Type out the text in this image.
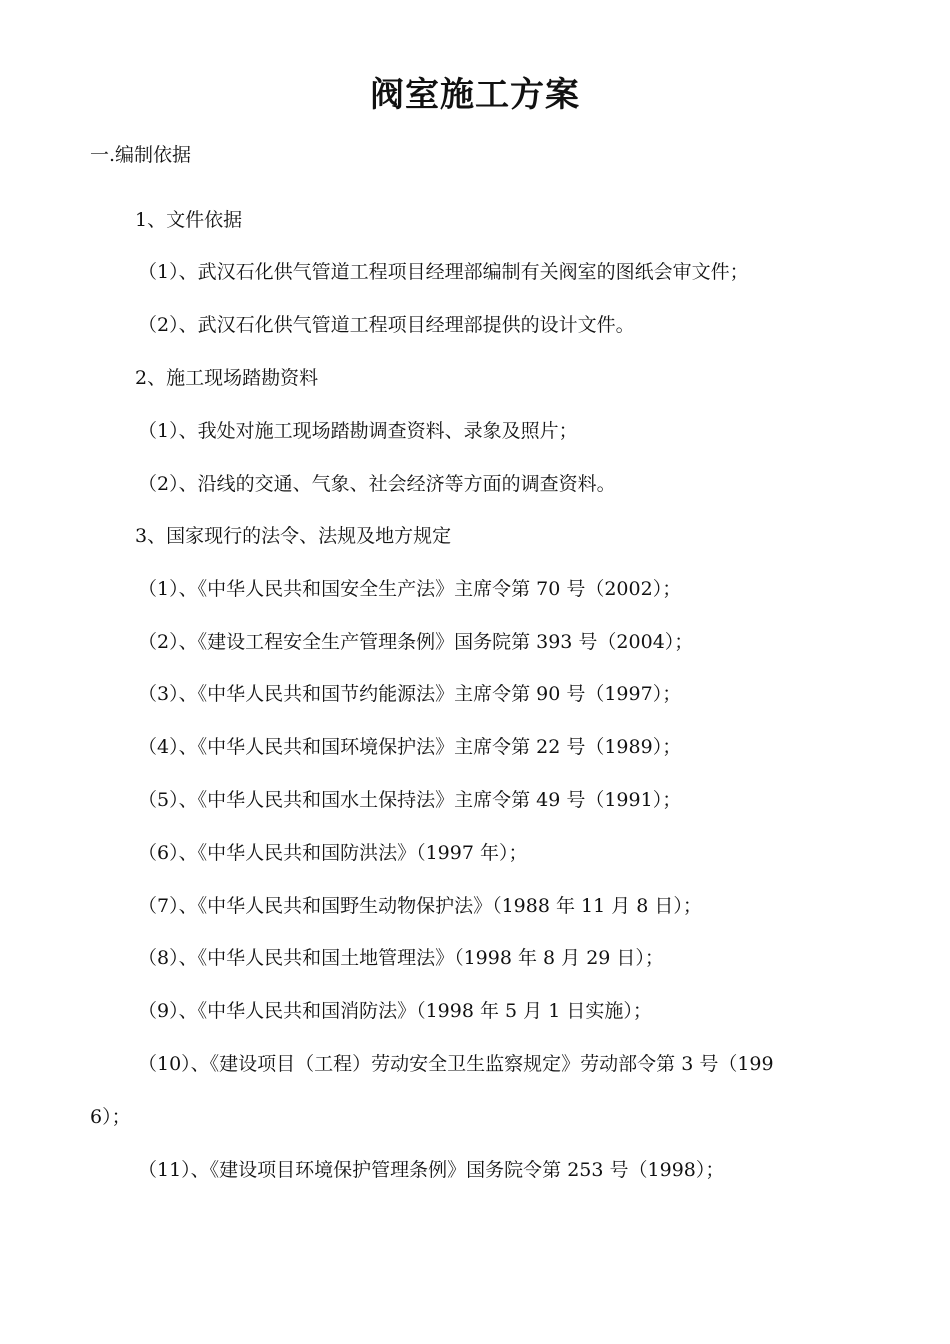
阀室施工方案
一.编制依据
1、文件依据
（1）、武汉石化供气管道工程项目经理部编制有关阀室的图纸会审文件；
（2）、武汉石化供气管道工程项目经理部提供的设计文件。
2、施工现场踏勘资料
（1）、我处对施工现场踏勘调查资料、录象及照片；
（2）、沿线的交通、气象、社会经济等方面的调查资料。
3、国家现行的法令、法规及地方规定
（1）、《中华人民共和国安全生产法》主席令第 70 号（2002）；
（2）、《建设工程安全生产管理条例》国务院第 393 号（2004）；
（3）、《中华人民共和国节约能源法》主席令第 90 号（1997）；
（4）、《中华人民共和国环境保护法》主席令第 22 号（1989）；
（5）、《中华人民共和国水土保持法》主席令第 49 号（1991）；
（6）、《中华人民共和国防洪法》（1997 年）；
（7）、《中华人民共和国野生动物保护法》（1988 年 11 月 8 日）；
（8）、《中华人民共和国土地管理法》（1998 年 8 月 29 日）；
（9）、《中华人民共和国消防法》（1998 年 5 月 1 日实施）；
（10）、《建设项目（工程）劳动安全卫生监察规定》劳动部令第 3 号（199
6）；
（11）、《建设项目环境保护管理条例》国务院令第 253 号（1998）；
